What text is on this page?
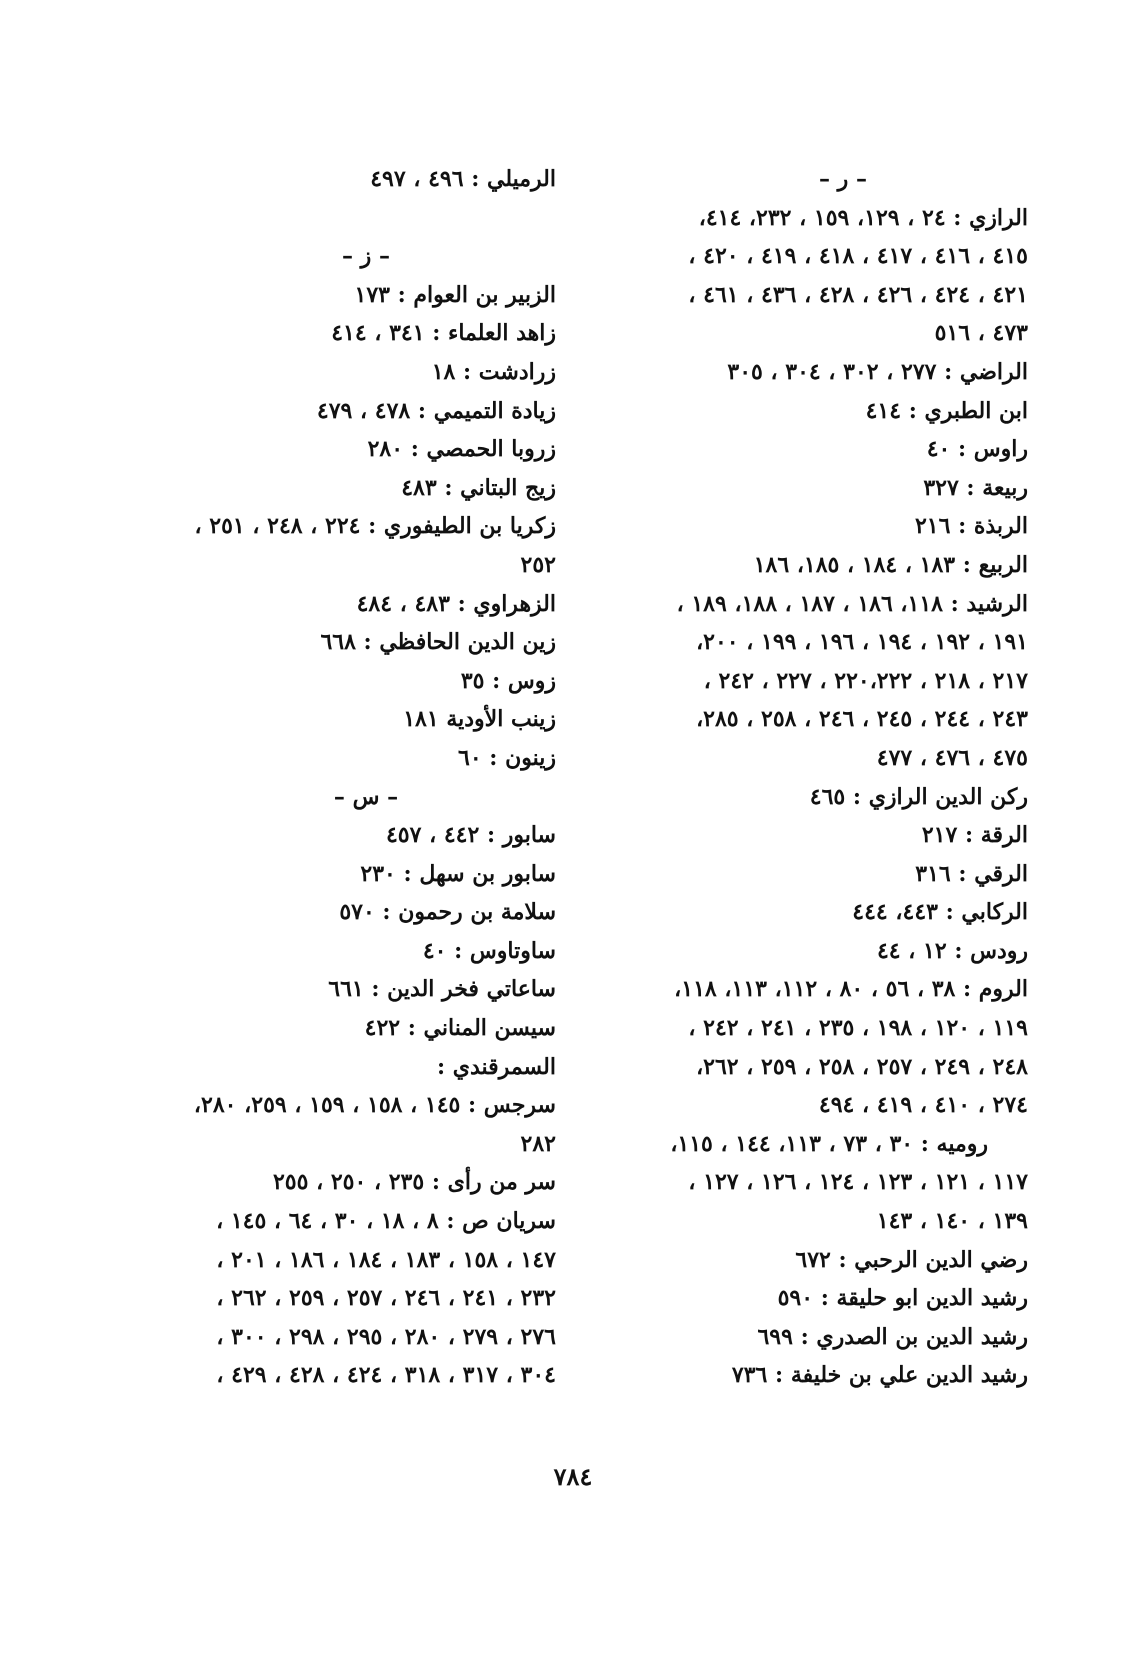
– ر –
الرازي : ٢٤ ، ١٢٩، ١٥٩ ، ٢٣٢، ٤١٤،
٤١٥ ، ٤١٦ ، ٤١٧ ، ٤١٨ ، ٤١٩ ، ٤٢٠ ،
٤٢١ ، ٤٢٤ ، ٤٢٦ ، ٤٢٨ ، ٤٣٦ ، ٤٦١ ،
٤٧٣ ، ٥١٦
الراضي : ٢٧٧ ، ٣٠٢ ، ٣٠٤ ، ٣٠٥
ابن الطبري : ٤١٤
راوس : ٤٠
ربيعة : ٣٢٧
الربذة : ٢١٦
الربيع : ١٨٣ ، ١٨٤ ، ١٨٥، ١٨٦
الرشيد : ١١٨، ١٨٦ ، ١٨٧ ، ١٨٨، ١٨٩ ،
١٩١ ، ١٩٢ ، ١٩٤ ، ١٩٦ ، ١٩٩ ، ٢٠٠،
٢١٧ ، ٢١٨ ، ٢٢٠،٢٢٢ ، ٢٢٧ ، ٢٤٢ ،
٢٤٣ ، ٢٤٤ ، ٢٤٥ ، ٢٤٦ ، ٢٥٨ ، ٢٨٥،
٤٧٥ ، ٤٧٦ ، ٤٧٧
ركن الدين الرازي : ٤٦٥
الرقة : ٢١٧
الرقي : ٣١٦
الركابي : ٤٤٣، ٤٤٤
رودس : ١٢ ، ٤٤
الروم : ٣٨ ، ٥٦ ، ٨٠ ، ١١٢، ١١٣، ١١٨،
١١٩ ، ١٢٠ ، ١٩٨ ، ٢٣٥ ، ٢٤١ ، ٢٤٢ ،
٢٤٨ ، ٢٤٩ ، ٢٥٧ ، ٢٥٨ ، ٢٥٩ ، ٢٦٢،
٢٧٤ ، ٤١٠ ، ٤١٩ ، ٤٩٤
روميه : ٣٠ ، ٧٣ ، ١١٣، ١٤٤ ، ١١٥،
١١٧ ، ١٢١ ، ١٢٣ ، ١٢٤ ، ١٢٦ ، ١٢٧ ،
١٣٩ ، ١٤٠ ، ١٤٣
رضي الدين الرحبي : ٦٧٢
رشيد الدين ابو حليقة : ٥٩٠
رشيد الدين بن الصدري : ٦٩٩
رشيد الدين علي بن خليفة : ٧٣٦
الرميلي : ٤٩٦ ، ٤٩٧
– ز –
الزبير بن العوام : ١٧٣
زاهد العلماء : ٣٤١ ، ٤١٤
زرادشت : ١٨
زيادة التميمي : ٤٧٨ ، ٤٧٩
زروبا الحمصي : ٢٨٠
زيج البتاني : ٤٨٣
زكريا بن الطيفوري : ٢٢٤ ، ٢٤٨ ، ٢٥١ ،
٢٥٢
الزهراوي : ٤٨٣ ، ٤٨٤
زين الدين الحافظي : ٦٦٨
زوس : ٣٥
زينب الأودية ١٨١
زينون : ٦٠
– س –
سابور : ٤٤٢ ، ٤٥٧
سابور بن سهل : ٢٣٠
سلامة بن رحمون : ٥٧٠
ساوتاوس : ٤٠
ساعاتي فخر الدين : ٦٦١
سيسن المناني : ٤٢٢
السمرقندي :
سرجس : ١٤٥ ، ١٥٨ ، ١٥٩ ، ٢٥٩، ٢٨٠،
٢٨٢
سر من رأى : ٢٣٥ ، ٢٥٠ ، ٢٥٥
سريان ص : ٨ ، ١٨ ، ٣٠ ، ٦٤ ، ١٤٥ ،
١٤٧ ، ١٥٨ ، ١٨٣ ، ١٨٤ ، ١٨٦ ، ٢٠١ ،
٢٣٢ ، ٢٤١ ، ٢٤٦ ، ٢٥٧ ، ٢٥٩ ، ٢٦٢ ،
٢٧٦ ، ٢٧٩ ، ٢٨٠ ، ٢٩٥ ، ٢٩٨ ، ٣٠٠ ،
٣٠٤ ، ٣١٧ ، ٣١٨ ، ٤٢٤ ، ٤٢٨ ، ٤٢٩ ،
٧٨٤
